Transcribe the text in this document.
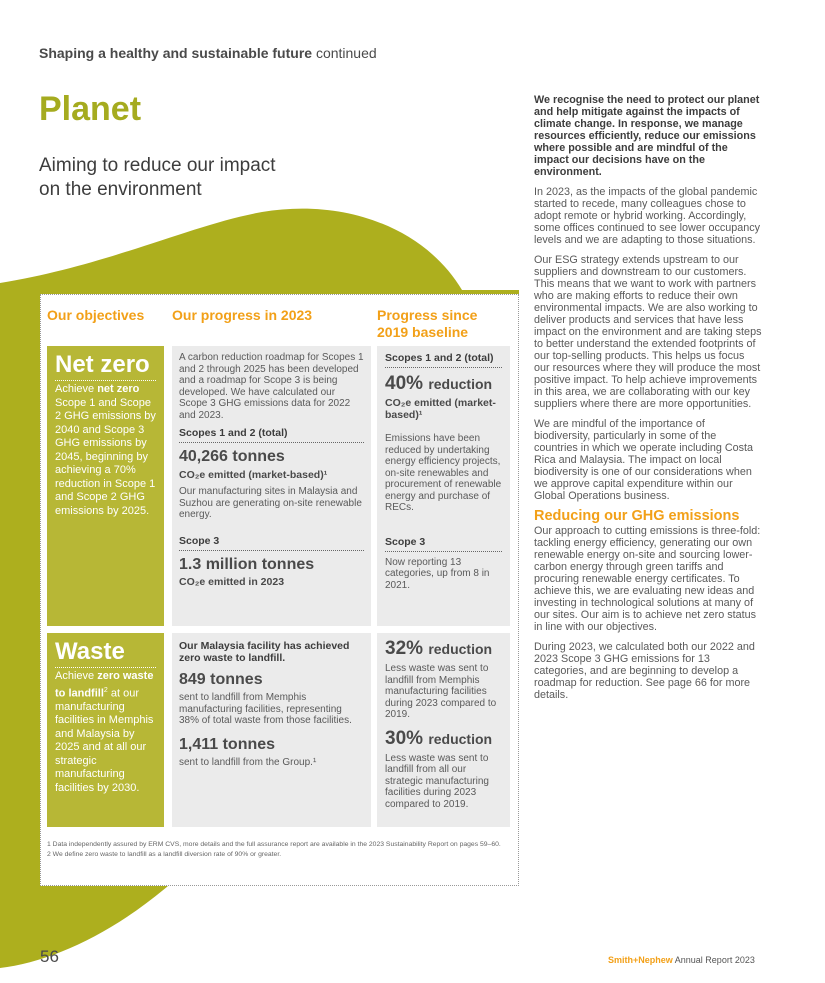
Shaping a healthy and sustainable future continued
Planet
Aiming to reduce our impact on the environment
Our objectives Our progress in 2023	Progress since 2019 baseline
Net zero
Achieve net zero Scope 1 and Scope 2 GHG emissions by 2040 and Scope 3 GHG emissions by 2045, beginning by achieving a 70% reduction in Scope 1 and Scope 2 GHG emissions by 2025.
A carbon reduction roadmap for Scopes 1 and 2 through 2025 has been developed and a roadmap for Scope 3 is being developed. We have calculated our Scope 3 GHG emissions data for 2022 and 2023.
Scopes 1 and 2 (total)
40,266 tonnes
CO₂e emitted (market-based)¹
Our manufacturing sites in Malaysia and Suzhou are generating on-site renewable energy.
Scope 3
1.3 million tonnes
CO₂e emitted in 2023
Scopes 1 and 2 (total)
40% reduction
CO₂e emitted (market-based)¹
Emissions have been reduced by undertaking energy efficiency projects, on-site renewables and procurement of renewable energy and purchase of RECs.
Scope 3
Now reporting 13 categories, up from 8 in 2021.
Waste
Achieve zero waste to landfill$^2$ at our manufacturing facilities in Memphis and Malaysia by 2025 and at all our strategic manufacturing facilities by 2030.
Our Malaysia facility has achieved zero waste to landfill.
849 tonnes
sent to landfill from Memphis manufacturing facilities, representing 38% of total waste from those facilities.
1,411 tonnes
sent to landfill from the Group.¹
32% reduction
Less waste was sent to landfill from Memphis manufacturing facilities during 2023 compared to 2019.
30% reduction
Less waste was sent to landfill from all our strategic manufacturing facilities during 2023 compared to 2019.
1 Data independently assured by ERM CVS, more details and the full assurance report are available in the 2023 Sustainability Report on pages 59–60.
2 We define zero waste to landfill as a landfill diversion rate of 90% or greater.

We recognise the need to protect our planet and help mitigate against the impacts of climate change. In response, we manage resources efficiently, reduce our emissions where possible and are mindful of the impact our decisions have on the environment.

In 2023, as the impacts of the global pandemic started to recede, many colleagues chose to adopt remote or hybrid working. Accordingly, some offices continued to see lower occupancy levels and we are adapting to those situations.

Our ESG strategy extends upstream to our suppliers and downstream to our customers. This means that we want to work with partners who are making efforts to reduce their own environmental impacts. We are also working to deliver products and services that have less impact on the environment and are taking steps to better understand the extended footprints of our top-selling products. This helps us focus our resources where they will produce the most positive impact. To help achieve improvements in this area, we are collaborating with our key suppliers where there are more opportunities.

We are mindful of the importance of biodiversity, particularly in some of the countries in which we operate including Costa Rica and Malaysia. The impact on local biodiversity is one of our considerations when we approve capital expenditure within our Global Operations business.

Reducing our GHG emissions

Our approach to cutting emissions is three-fold: tackling energy efficiency, generating our own renewable energy on-site and sourcing lower-carbon energy through green tariffs and procuring renewable energy certificates. To achieve this, we are evaluating new ideas and investing in technological solutions at many of our sites. Our aim is to achieve net zero status in line with our objectives.

During 2023, we calculated both our 2022 and 2023 Scope 3 GHG emissions for 13 categories, and are beginning to develop a roadmap for reduction. See page 66 for more details.

56	Smith+Nephew Annual Report 2023
